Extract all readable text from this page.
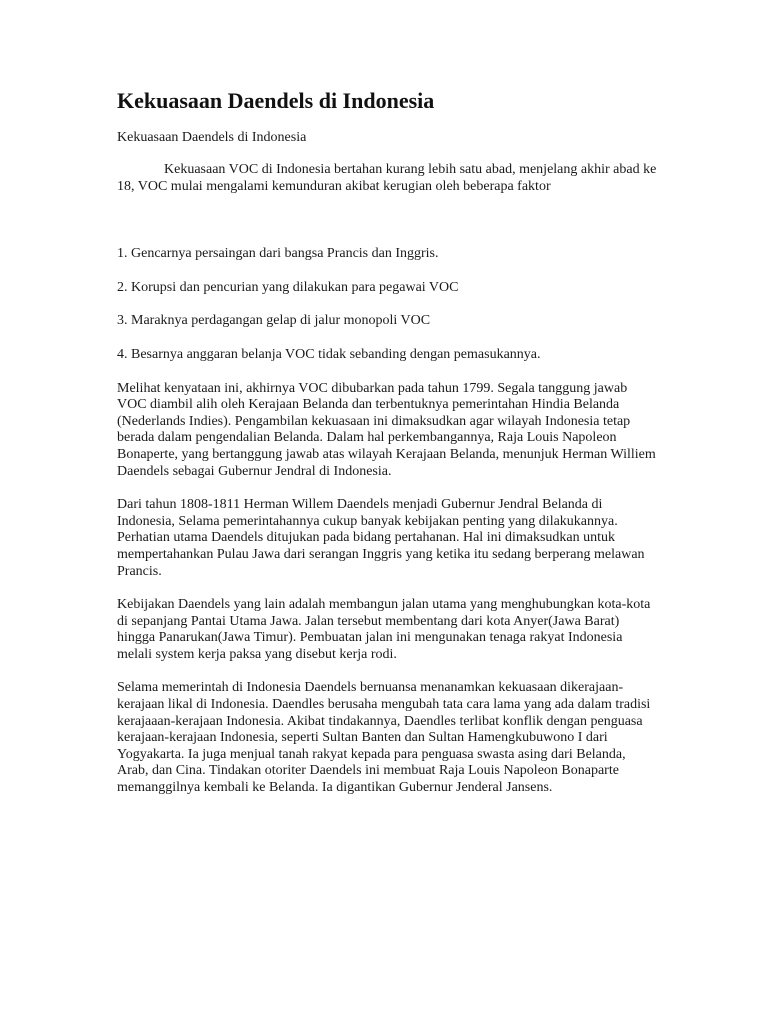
Kekuasaan Daendels di Indonesia
Kekuasaan Daendels di Indonesia

Kekuasaan VOC di Indonesia bertahan kurang lebih satu abad, menjelang akhir abad ke 18, VOC mulai mengalami kemunduran akibat kerugian oleh beberapa faktor

1. Gencarnya persaingan dari bangsa Prancis dan Inggris.

2. Korupsi dan pencurian yang dilakukan para pegawai VOC

3. Maraknya perdagangan gelap di jalur monopoli VOC

4. Besarnya anggaran belanja VOC tidak sebanding dengan pemasukannya.

Melihat kenyataan ini, akhirnya VOC dibubarkan pada tahun 1799. Segala tanggung jawab VOC diambil alih oleh Kerajaan Belanda dan terbentuknya pemerintahan Hindia Belanda (Nederlands Indies). Pengambilan kekuasaan ini dimaksudkan agar wilayah Indonesia tetap berada dalam pengendalian Belanda. Dalam hal perkembangannya, Raja Louis Napoleon Bonaperte, yang bertanggung jawab atas wilayah Kerajaan Belanda, menunjuk Herman Williem Daendels sebagai Gubernur Jendral di Indonesia.

Dari tahun 1808-1811 Herman Willem Daendels menjadi Gubernur Jendral Belanda di Indonesia, Selama pemerintahannya cukup banyak kebijakan penting yang dilakukannya. Perhatian utama Daendels ditujukan pada bidang pertahanan. Hal ini dimaksudkan untuk mempertahankan Pulau Jawa dari serangan Inggris yang ketika itu sedang berperang melawan Prancis.

Kebijakan Daendels yang lain adalah membangun jalan utama yang menghubungkan kota-kota di sepanjang Pantai Utama Jawa. Jalan tersebut membentang dari kota Anyer(Jawa Barat) hingga Panarukan(Jawa Timur). Pembuatan jalan ini mengunakan tenaga rakyat Indonesia melali system kerja paksa yang disebut kerja rodi.

Selama memerintah di Indonesia Daendels bernuansa menanamkan kekuasaan dikerajaan-kerajaan likal di Indonesia. Daendles berusaha mengubah tata cara lama yang ada dalam tradisi kerajaaan-kerajaan Indonesia. Akibat tindakannya, Daendles terlibat konflik dengan penguasa kerajaan-kerajaan Indonesia, seperti Sultan Banten dan Sultan Hamengkubuwono I dari Yogyakarta. Ia juga menjual tanah rakyat kepada para penguasa swasta asing dari Belanda, Arab, dan Cina. Tindakan otoriter Daendels ini membuat Raja Louis Napoleon Bonaparte memanggilnya kembali ke Belanda. Ia digantikan Gubernur Jenderal Jansens.
